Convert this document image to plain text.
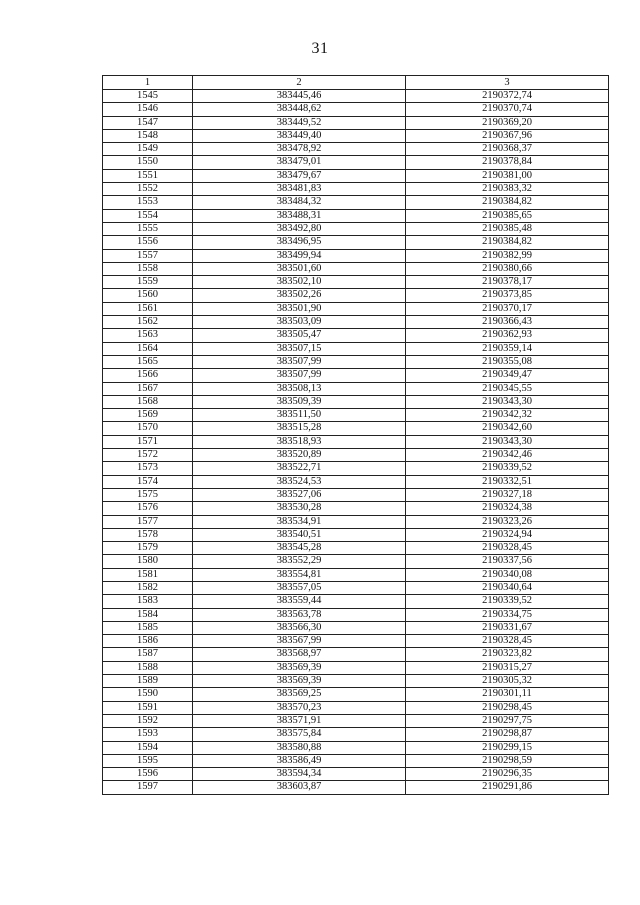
31
1	2	3
1545	383445,46	2190372,74
1546	383448,62	2190370,74
1547	383449,52	2190369,20
1548	383449,40	2190367,96
1549	383478,92	2190368,37
1550	383479,01	2190378,84
1551	383479,67	2190381,00
1552	383481,83	2190383,32
1553	383484,32	2190384,82
1554	383488,31	2190385,65
1555	383492,80	2190385,48
1556	383496,95	2190384,82
1557	383499,94	2190382,99
1558	383501,60	2190380,66
1559	383502,10	2190378,17
1560	383502,26	2190373,85
1561	383501,90	2190370,17
1562	383503,09	2190366,43
1563	383505,47	2190362,93
1564	383507,15	2190359,14
1565	383507,99	2190355,08
1566	383507,99	2190349,47
1567	383508,13	2190345,55
1568	383509,39	2190343,30
1569	383511,50	2190342,32
1570	383515,28	2190342,60
1571	383518,93	2190343,30
1572	383520,89	2190342,46
1573	383522,71	2190339,52
1574	383524,53	2190332,51
1575	383527,06	2190327,18
1576	383530,28	2190324,38
1577	383534,91	2190323,26
1578	383540,51	2190324,94
1579	383545,28	2190328,45
1580	383552,29	2190337,56
1581	383554,81	2190340,08
1582	383557,05	2190340,64
1583	383559,44	2190339,52
1584	383563,78	2190334,75
1585	383566,30	2190331,67
1586	383567,99	2190328,45
1587	383568,97	2190323,82
1588	383569,39	2190315,27
1589	383569,39	2190305,32
1590	383569,25	2190301,11
1591	383570,23	2190298,45
1592	383571,91	2190297,75
1593	383575,84	2190298,87
1594	383580,88	2190299,15
1595	383586,49	2190298,59
1596	383594,34	2190296,35
1597	383603,87	2190291,86
